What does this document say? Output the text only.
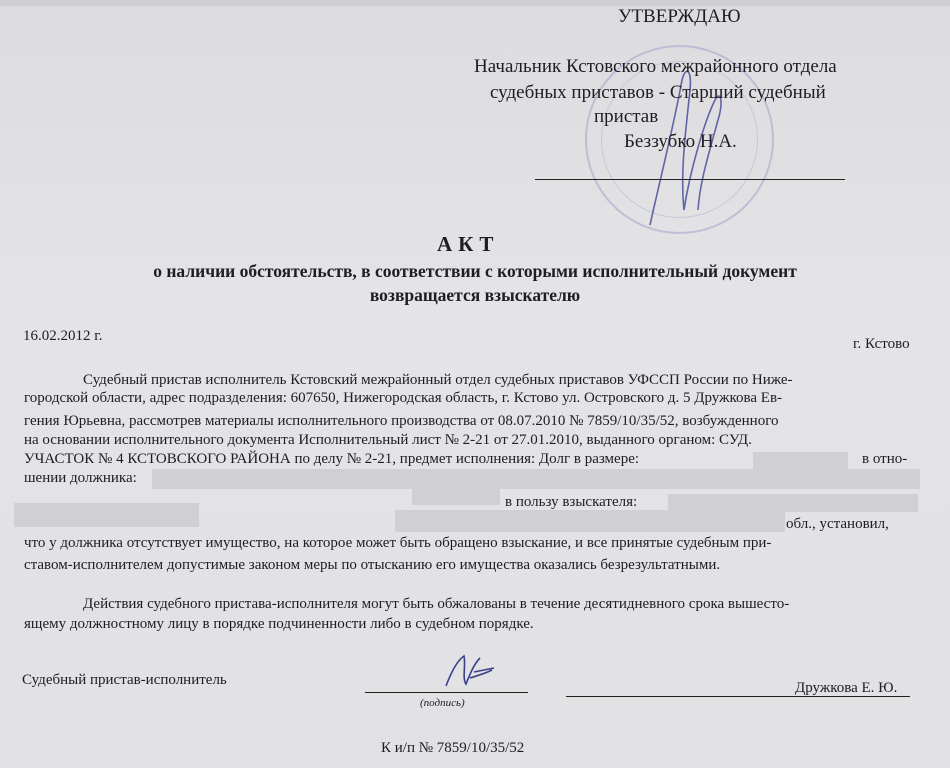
УТВЕРЖДАЮ
Начальник Кстовского межрайонного отдела
судебных приставов - Старший судебный
пристав
Беззубко Н.А.
АКТ
о наличии обстоятельств, в соответствии с которыми исполнительный документ
возвращается взыскателю
16.02.2012 г.	г. Кстово
Судебный пристав исполнитель Кстовский межрайонный отдел судебных приставов УФССП России по Ниже-
городской области, адрес подразделения: 607650, Нижегородская область, г. Кстово ул. Островского д. 5 Дружкова Ев-
гения Юрьевна, рассмотрев материалы исполнительного производства от 08.07.2010 № 7859/10/35/52, возбужденного
на основании исполнительного документа Исполнительный лист № 2-21 от 27.01.2010, выданного органом: СУД.
УЧАСТОК № 4 КСТОВСКОГО РАЙОНА по делу № 2-21, предмет исполнения: Долг в размере:	в отно-
шении должника:
в пользу взыскателя:
обл., установил,
что у должника отсутствует имущество, на которое может быть обращено взыскание, и все принятые судебным при-
ставом-исполнителем допустимые законом меры по отысканию его имущества оказались безрезультатными.
Действия судебного пристава-исполнителя могут быть обжалованы в течение десятидневного срока вышесто-
ящему должностному лицу в порядке подчиненности либо в судебном порядке.
Судебный пристав-исполнитель
(подпись)
Дружкова Е. Ю.
К и/п № 7859/10/35/52
